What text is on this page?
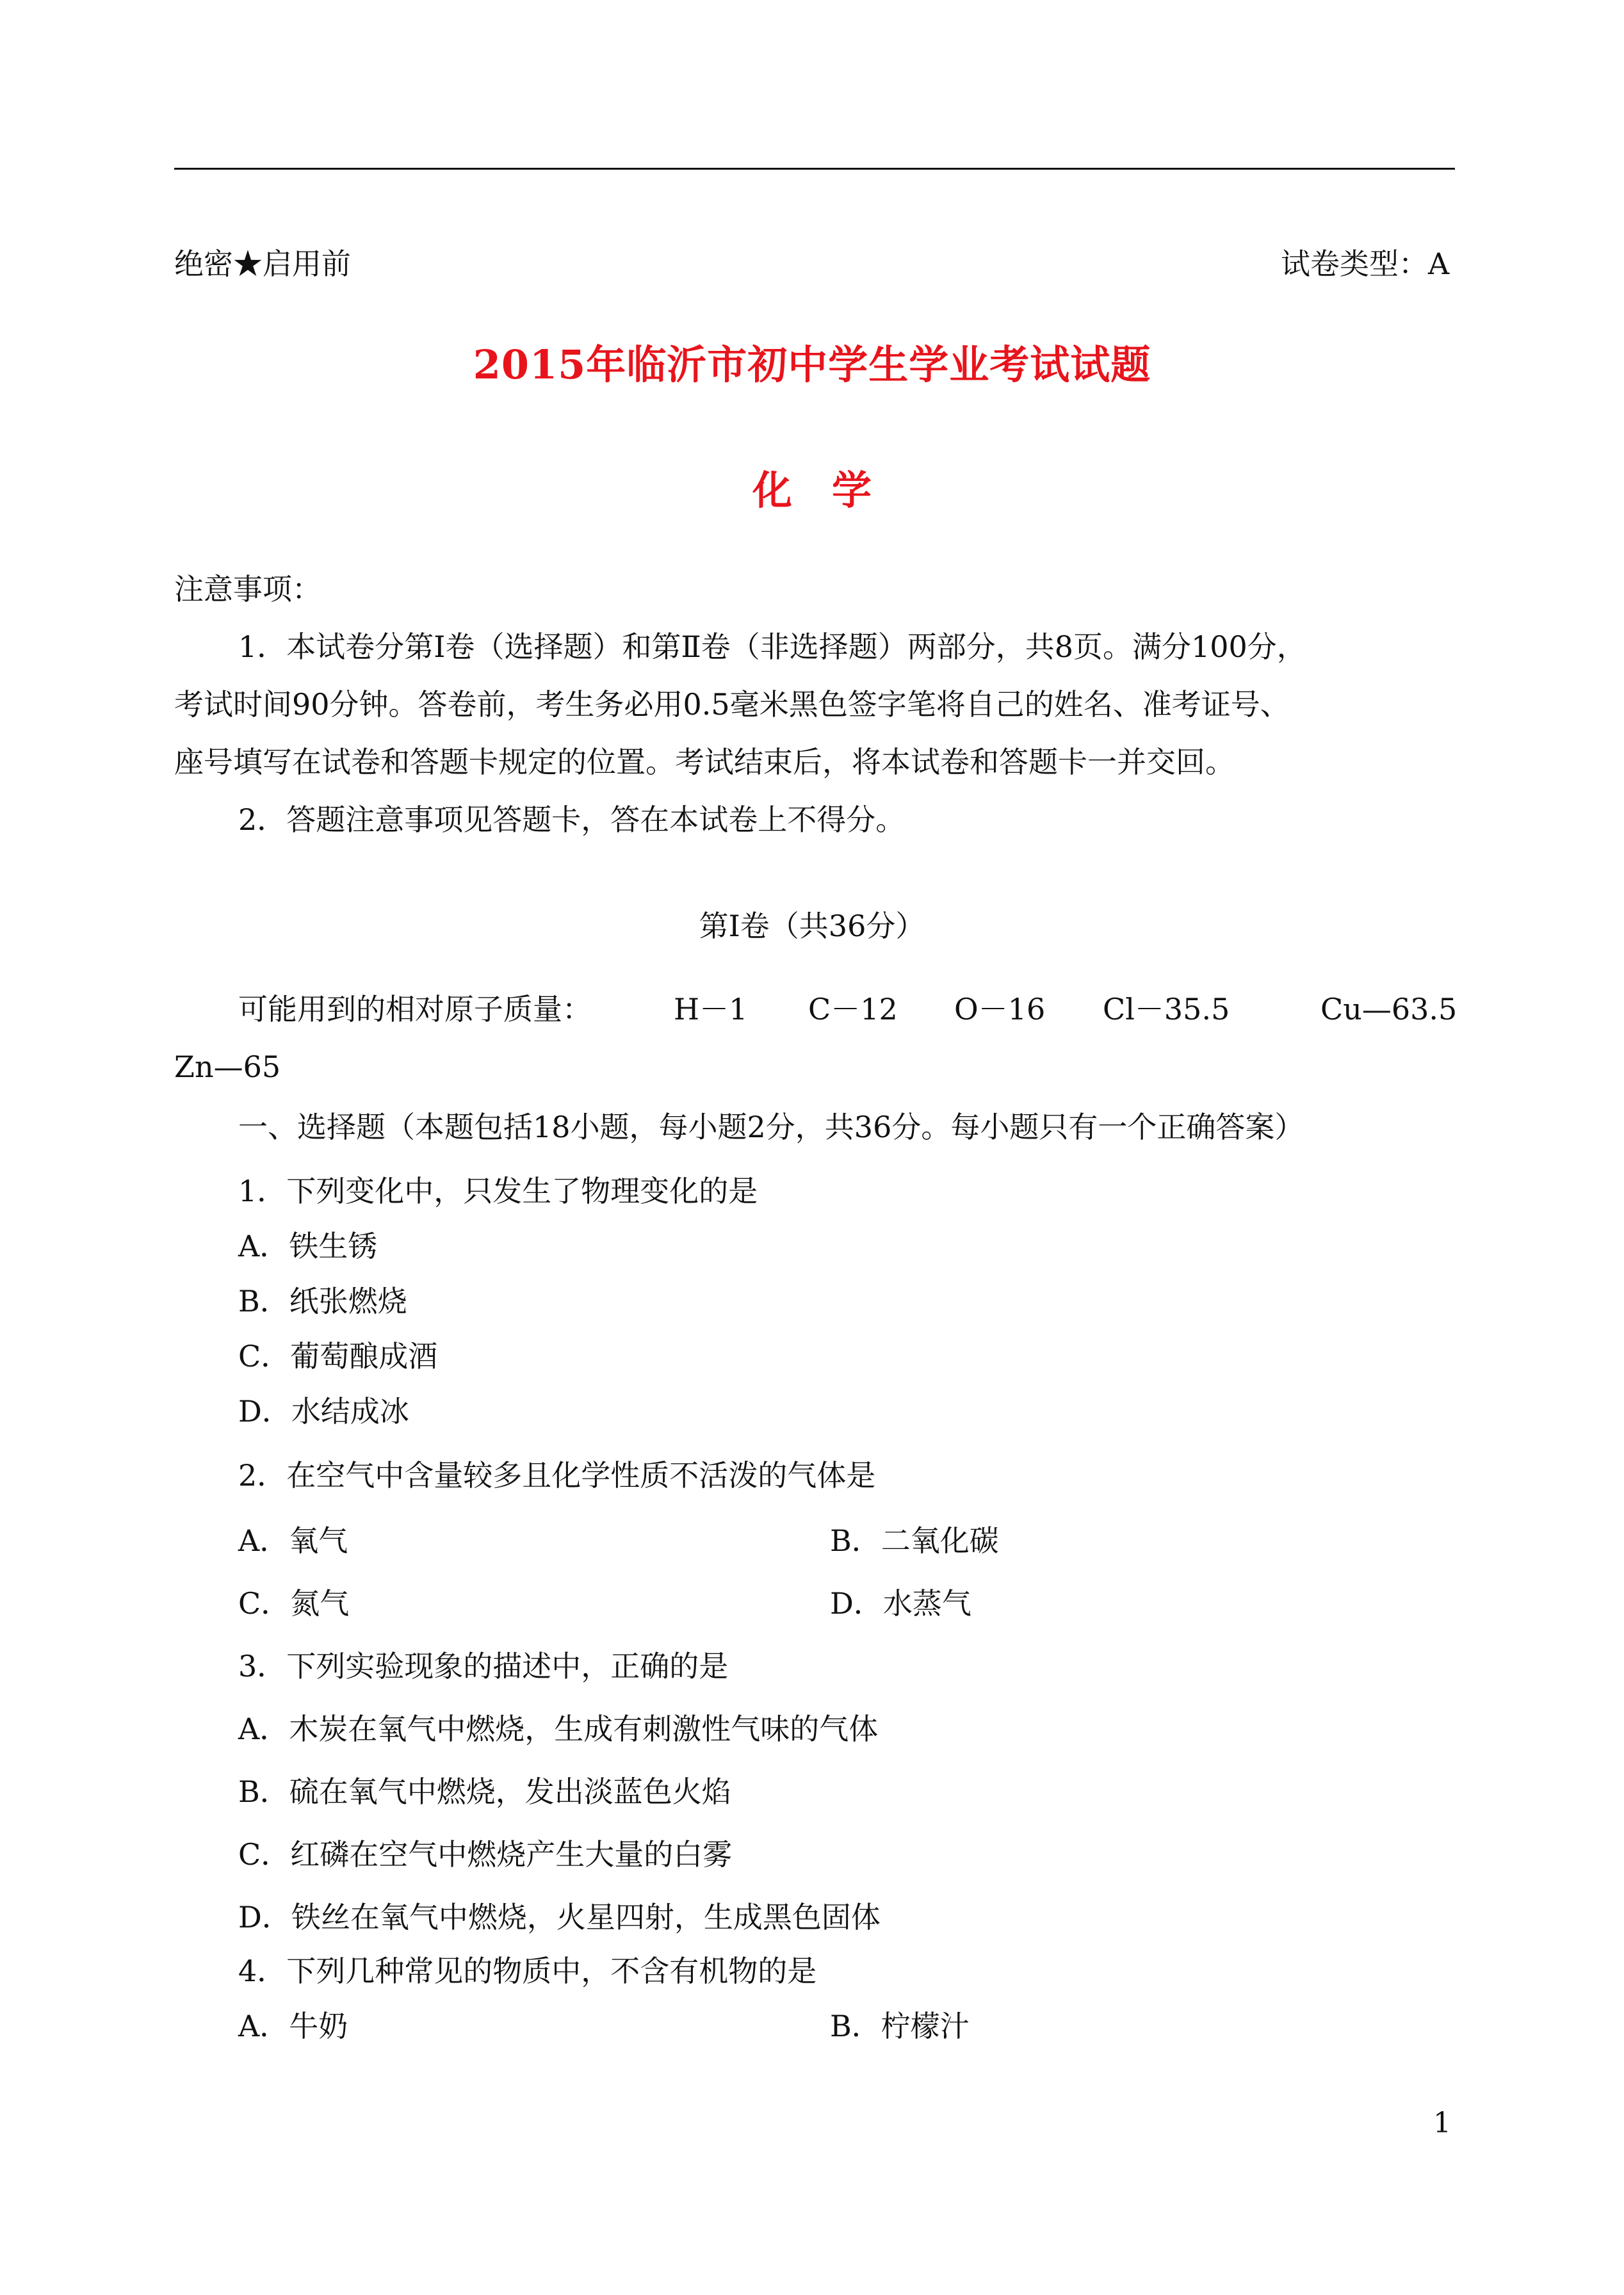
绝密★启用前	试卷类型：A
2015年临沂市初中学生学业考试试题
化　学
注意事项：
1．本试卷分第Ⅰ卷（选择题）和第Ⅱ卷（非选择题）两部分，共8页。满分100分，
考试时间90分钟。答卷前，考生务必用0.5毫米黑色签字笔将自己的姓名、准考证号、
座号填写在试卷和答题卡规定的位置。考试结束后，将本试卷和答题卡一并交回。
2．答题注意事项见答题卡，答在本试卷上不得分。
第Ⅰ卷（共36分）
可能用到的相对原子质量：	H－1 C－12 O－16 Cl－35.5	Cu—63.5
Zn—65
一、选择题（本题包括18小题，每小题2分，共36分。每小题只有一个正确答案）
1．下列变化中，只发生了物理变化的是
A．铁生锈
B．纸张燃烧
C．葡萄酿成酒
D．水结成冰
2．在空气中含量较多且化学性质不活泼的气体是
A．氧气	B．二氧化碳
C．氮气	D．水蒸气
3．下列实验现象的描述中，正确的是
A．木炭在氧气中燃烧，生成有刺激性气味的气体
B．硫在氧气中燃烧，发出淡蓝色火焰
C．红磷在空气中燃烧产生大量的白雾
D．铁丝在氧气中燃烧，火星四射，生成黑色固体
4．下列几种常见的物质中，不含有机物的是
A．牛奶	B．柠檬汁
1
